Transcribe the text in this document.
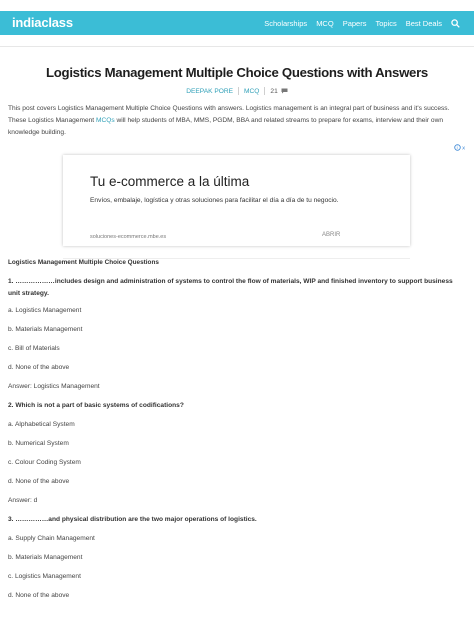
indiaclass	Scholarships MCQ Papers Topics Best Deals
Logistics Management Multiple Choice Questions with Answers
DEEPAK PORE MCQ 21
This post covers Logistics Management Multiple Choice Questions with answers. Logistics management is an integral part of business and it's success. These Logistics Management MCQs will help students of MBA, MMS, PGDM, BBA and related streams to prepare for exams, interview and their own knowledge building.
i x
Tu e-commerce a la última
Envíos, embalaje, logística y otras soluciones para facilitar el día a día de tu negocio.
soluciones-ecommerce.mbe.es	ABRIR
Logistics Management Multiple Choice Questions
1. ………………includes design and administration of systems to control the flow of materials, WIP and finished inventory to support business unit strategy.
a. Logistics Management
b. Materials Management
c. Bill of Materials
d. None of the above
Answer: Logistics Management
2. Which is not a part of basic systems of codifications?
a. Alphabetical System
b. Numerical System
c. Colour Coding System
d. None of the above
Answer: d
3. ……………and physical distribution are the two major operations of logistics.
a. Supply Chain Management
b. Materials Management
c. Logistics Management
d. None of the above
